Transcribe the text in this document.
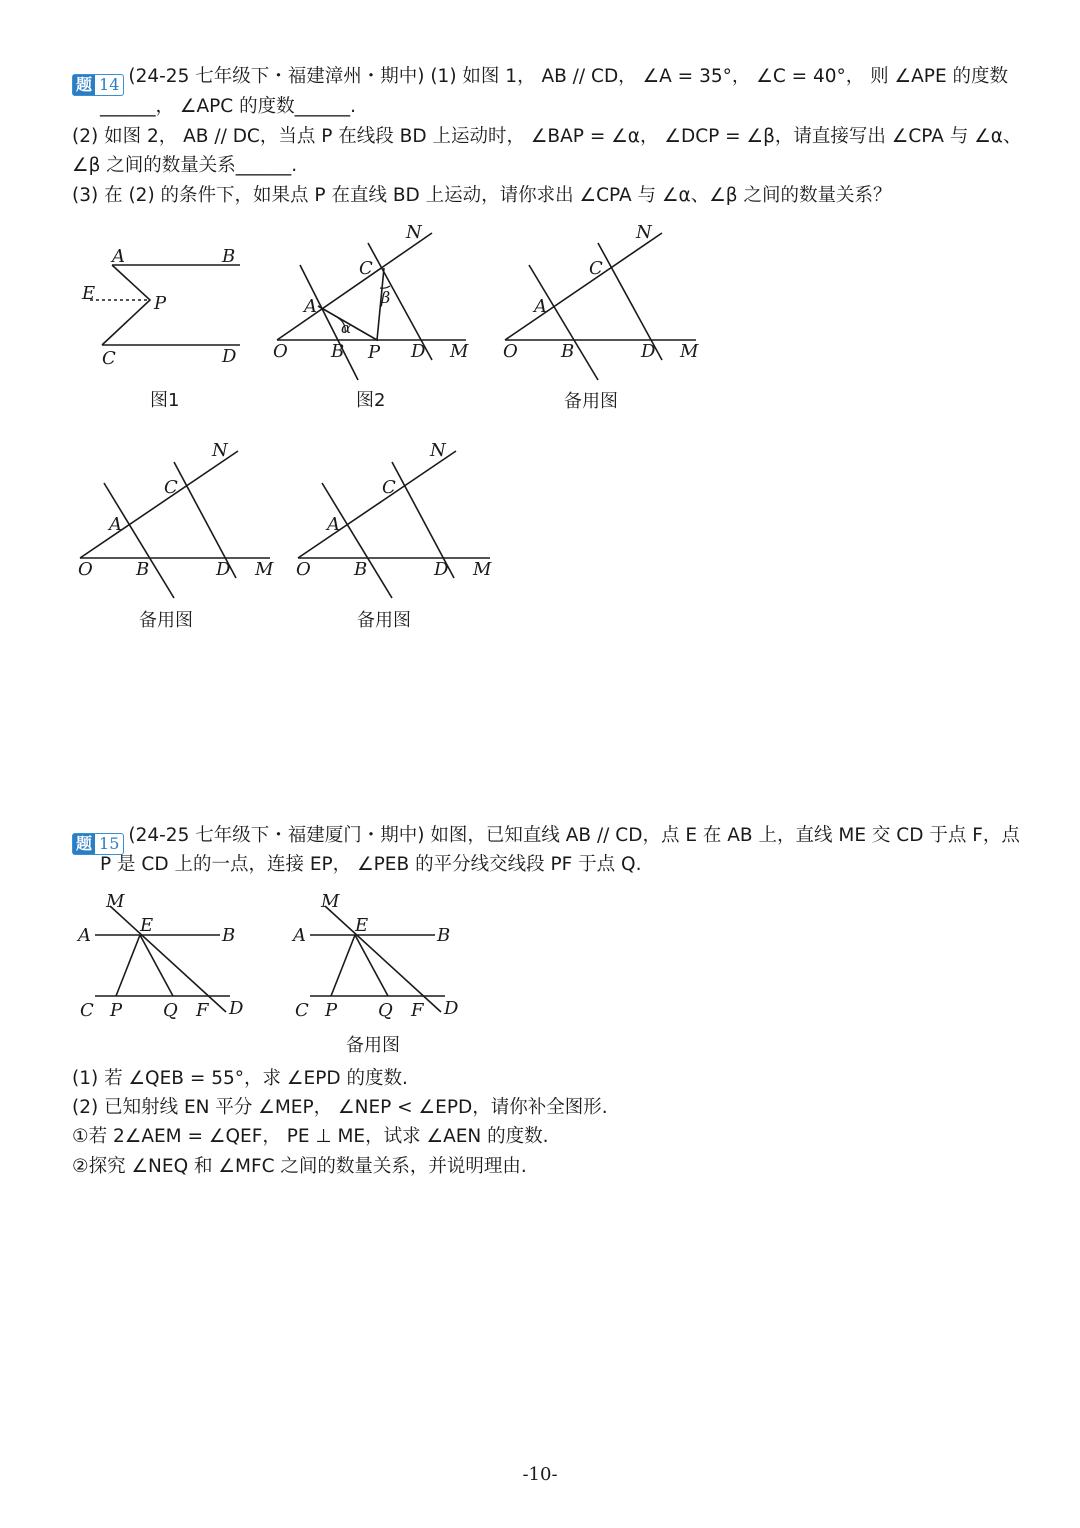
题 14 (24-25 七年级下・福建漳州・期中) (1) 如图 1， AB // CD， ∠A = 35°， ∠C = 40°， 则 ∠APE 的度数
______， ∠APC 的度数______.
(2) 如图 2， AB // DC，当点 P 在线段 BD 上运动时， ∠BAP = ∠α， ∠DCP = ∠β，请直接写出 ∠CPA 与 ∠α、
∠β 之间的数量关系______.
(3) 在 (2) 的条件下，如果点 P 在直线 BD 上运动，请你求出 ∠CPA 与 ∠α、∠β 之间的数量关系？
A	B
E	P
C	D
图1
N
C
β
A
α
O B P D M
图2
N
C
A
O B	D M
备用图
N
C
A
O B	D M
备用图
N
C
A
O B	D M
备用图
M
A	E	B
C P Q F D
M
A	E	B
C P Q F D
备用图
题 15 (24-25 七年级下・福建厦门・期中) 如图，已知直线 AB // CD，点 E 在 AB 上，直线 ME 交 CD 于点 F，点
P 是 CD 上的一点，连接 EP， ∠PEB 的平分线交线段 PF 于点 Q.
(1) 若 ∠QEB = 55°，求 ∠EPD 的度数.
(2) 已知射线 EN 平分 ∠MEP， ∠NEP < ∠EPD，请你补全图形.
①若 2∠AEM = ∠QEF， PE ⊥ ME，试求 ∠AEN 的度数.
②探究 ∠NEQ 和 ∠MFC 之间的数量关系，并说明理由.
-10-
